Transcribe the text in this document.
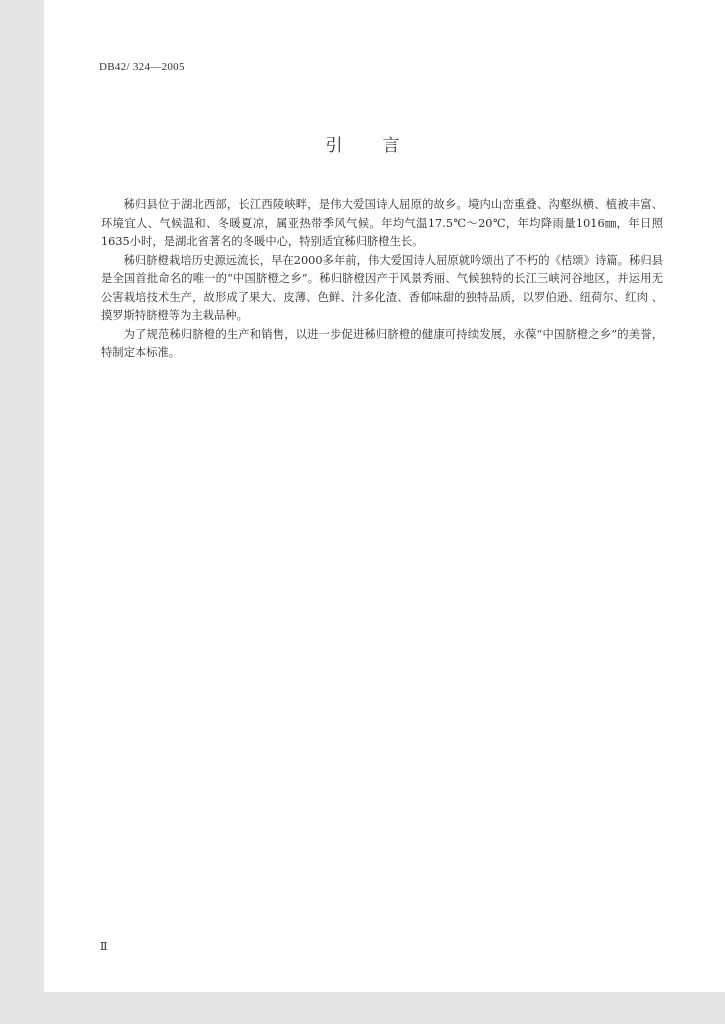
DB42/ 324—2005
引言

秭归县位于湖北西部，长江西陵峡畔，是伟大爱国诗人屈原的故乡。境内山峦重叠、沟壑纵横、植被丰富、环境宜人、气候温和、冬暖夏凉，属亚热带季风气候。年均气温17.5℃～20℃，年均降雨量1016㎜，年日照1635小时，是湖北省著名的冬暖中心，特别适宜秭归脐橙生长。

秭归脐橙栽培历史源远流长，早在2000多年前，伟大爱国诗人屈原就吟颂出了不朽的《桔颂》诗篇。秭归县是全国首批命名的唯一的“中国脐橙之乡”。秭归脐橙因产于风景秀丽、气候独特的长江三峡河谷地区，并运用无公害栽培技术生产，故形成了果大、皮薄、色鲜、汁多化渣、香郁味甜的独特品质，以罗伯逊、纽荷尔、红肉 、摸罗斯特脐橙等为主栽品种。

为了规范秭归脐橙的生产和销售，以进一步促进秭归脐橙的健康可持续发展，永葆“中国脐橙之乡”的美誉，特制定本标准。

Ⅱ
